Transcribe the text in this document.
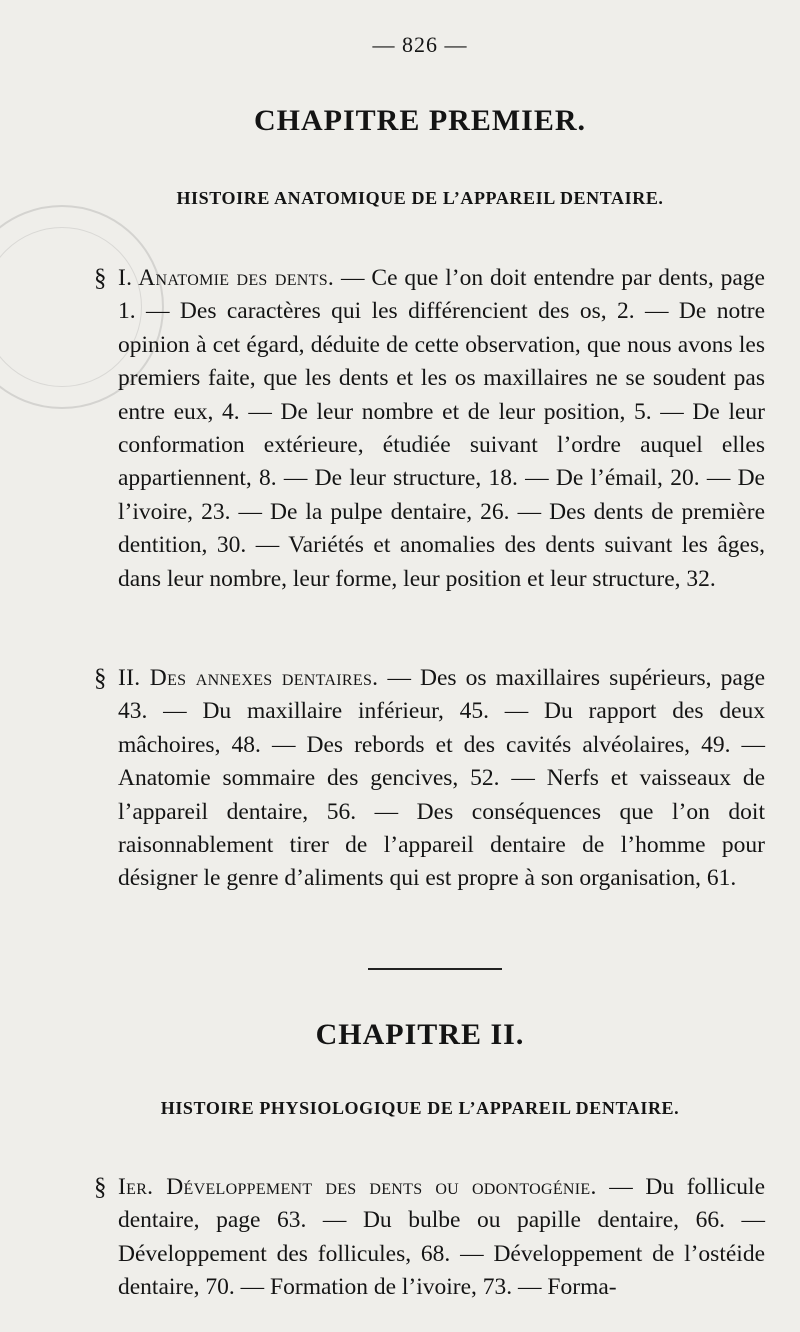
— 826 —
CHAPITRE PREMIER.
HISTOIRE ANATOMIQUE DE L’APPAREIL DENTAIRE.
§ I. Anatomie des dents. — Ce que l’on doit entendre par dents, page 1. — Des caractères qui les différencient des os, 2. — De notre opinion à cet égard, déduite de cette observation, que nous avons les premiers faite, que les dents et les os maxillaires ne se soudent pas entre eux, 4. — De leur nombre et de leur position, 5. — De leur conformation extérieure, étudiée suivant l’ordre auquel elles appartiennent, 8. — De leur structure, 18. — De l’émail, 20. — De l’ivoire, 23. — De la pulpe dentaire, 26. — Des dents de première dentition, 30. — Variétés et anomalies des dents suivant les âges, dans leur nombre, leur forme, leur position et leur structure, 32.
§ II. Des annexes dentaires. — Des os maxillaires supérieurs, page 43. — Du maxillaire inférieur, 45. — Du rapport des deux mâchoires, 48. — Des rebords et des cavités alvéolaires, 49. — Anatomie sommaire des gencives, 52. — Nerfs et vaisseaux de l’appareil dentaire, 56. — Des conséquences que l’on doit raisonnablement tirer de l’appareil dentaire de l’homme pour désigner le genre d’aliments qui est propre à son organisation, 61.
CHAPITRE II.
HISTOIRE PHYSIOLOGIQUE DE L’APPAREIL DENTAIRE.
§ Ier. Développement des dents ou odontogénie. — Du follicule dentaire, page 63. — Du bulbe ou papille dentaire, 66. — Développement des follicules, 68. — Développement de l’ostéide dentaire, 70. — Formation de l’ivoire, 73. — Forma-
